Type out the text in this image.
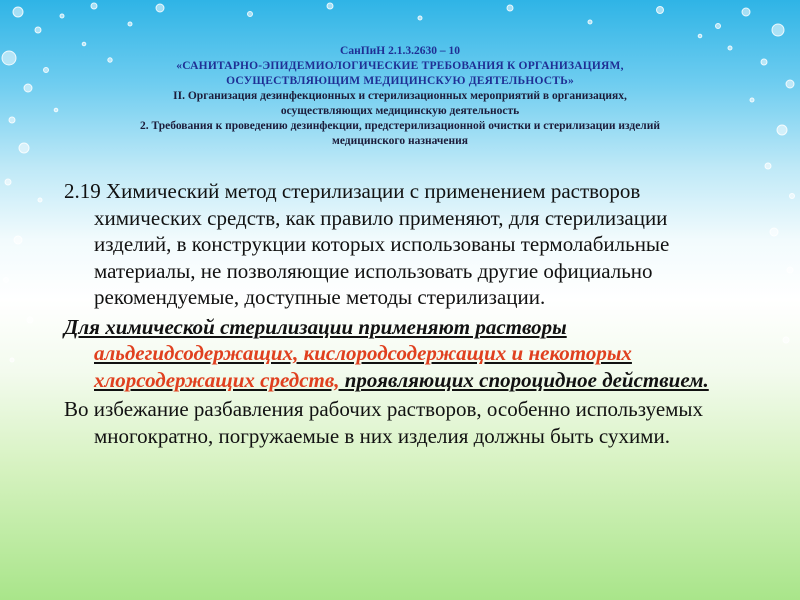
СанПиН 2.1.3.2630 – 10
«САНИТАРНО-ЭПИДЕМИОЛОГИЧЕСКИЕ ТРЕБОВАНИЯ К ОРГАНИЗАЦИЯМ,
ОСУЩЕСТВЛЯЮЩИМ МЕДИЦИНСКУЮ ДЕЯТЕЛЬНОСТЬ»
II. Организация дезинфекционных и стерилизационных мероприятий в организациях,
осуществляющих медицинскую деятельность
2. Требования к проведению дезинфекции, предстерилизационной очистки и стерилизации изделий
медицинского назначения

2.19 Химический метод стерилизации с применением растворов химических средств, как правило применяют, для стерилизации изделий, в конструкции которых использованы термолабильные материалы, не позволяющие использовать другие официально рекомендуемые, доступные методы стерилизации.

Для химической стерилизации применяют растворы альдегидсодержащих, кислородсодержащих и некоторых хлорсодержащих средств, проявляющих спороцидное действием.

Во избежание разбавления рабочих растворов, особенно используемых многократно, погружаемые в них изделия должны быть сухими.
